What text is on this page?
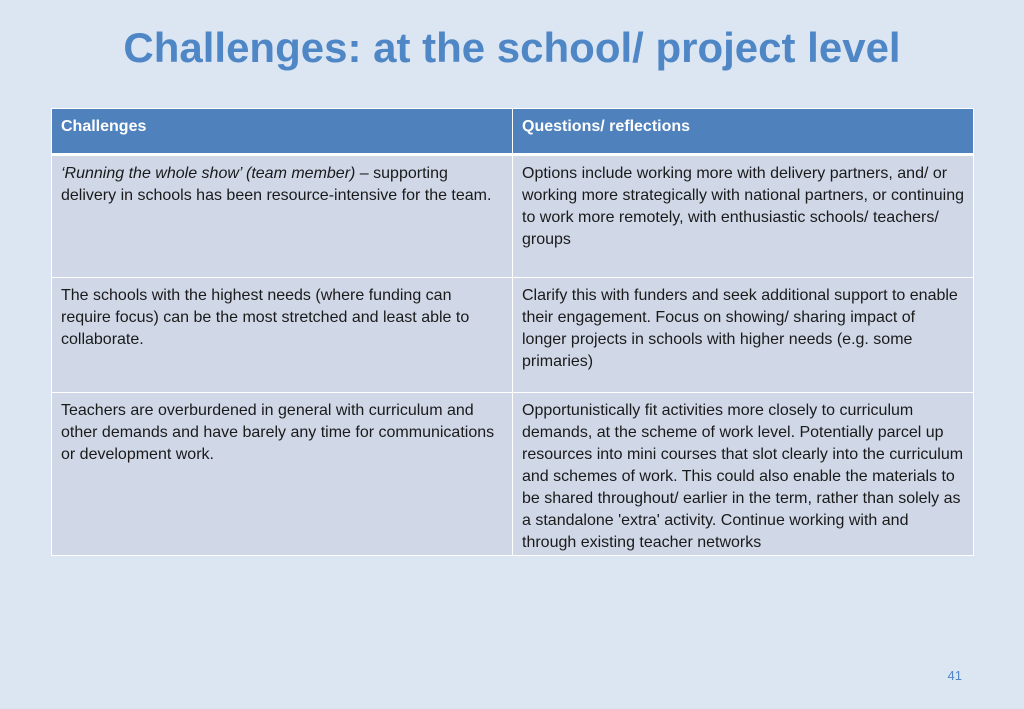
Challenges: at the school/ project level
Challenges	Questions/ reflections
‘Running the whole show’ (team member) – supporting delivery in schools has been resource-intensive for the team.	Options include working more with delivery partners, and/ or working more strategically with national partners, or continuing to work more remotely, with enthusiastic schools/ teachers/ groups
The schools with the highest needs (where funding can require focus) can be the most stretched and least able to collaborate.	Clarify this with funders and seek additional support to enable their engagement. Focus on showing/ sharing impact of longer projects in schools with higher needs (e.g. some primaries)
Teachers are overburdened in general with curriculum and other demands and have barely any time for communications or development work.	Opportunistically fit activities more closely to curriculum demands, at the scheme of work level. Potentially parcel up resources into mini courses that slot clearly into the curriculum and schemes of work. This could also enable the materials to be shared throughout/ earlier in the term, rather than solely as a standalone 'extra' activity. Continue working with and through existing teacher networks
41
